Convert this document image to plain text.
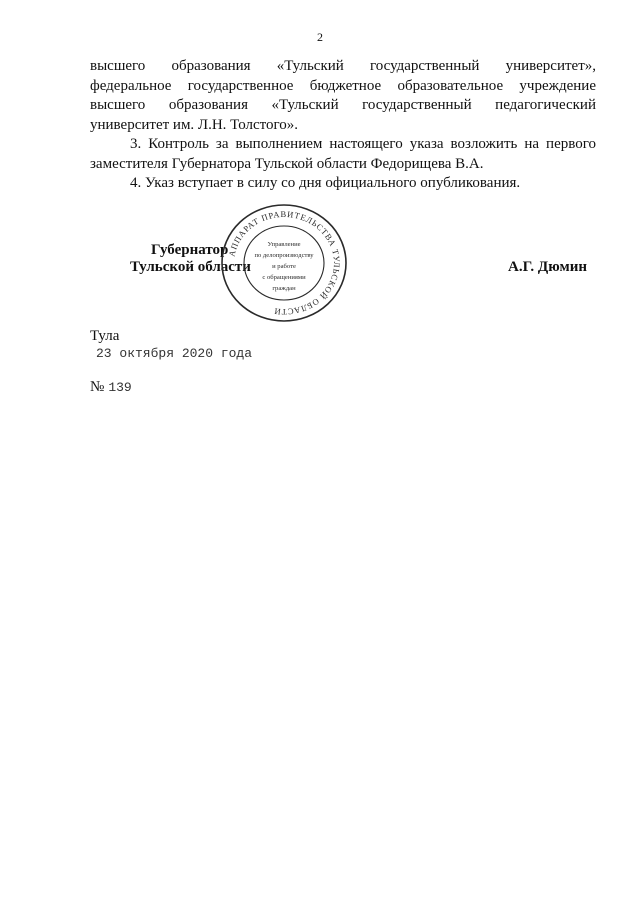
2

высшего образования «Тульский государственный университет»,

федеральное государственное бюджетное образовательное учреждение

высшего образования «Тульский государственный педагогический

университет им. Л.Н. Толстого».

3. Контроль за выполнением настоящего указа возложить на первого

заместителя Губернатора Тульской области Федорищева В.А.

4. Указ вступает в силу со дня официального опубликования.

Губернатор
Тульской области	А.Г. Дюмин
АППАРАТ ПРАВИТЕЛЬСТВА ТУЛЬСКОЙ ОБЛАСТИ
Управление
по делопроизводству
и работе
с обращениями
граждан
Тула
23 октября 2020 года
№ 139
